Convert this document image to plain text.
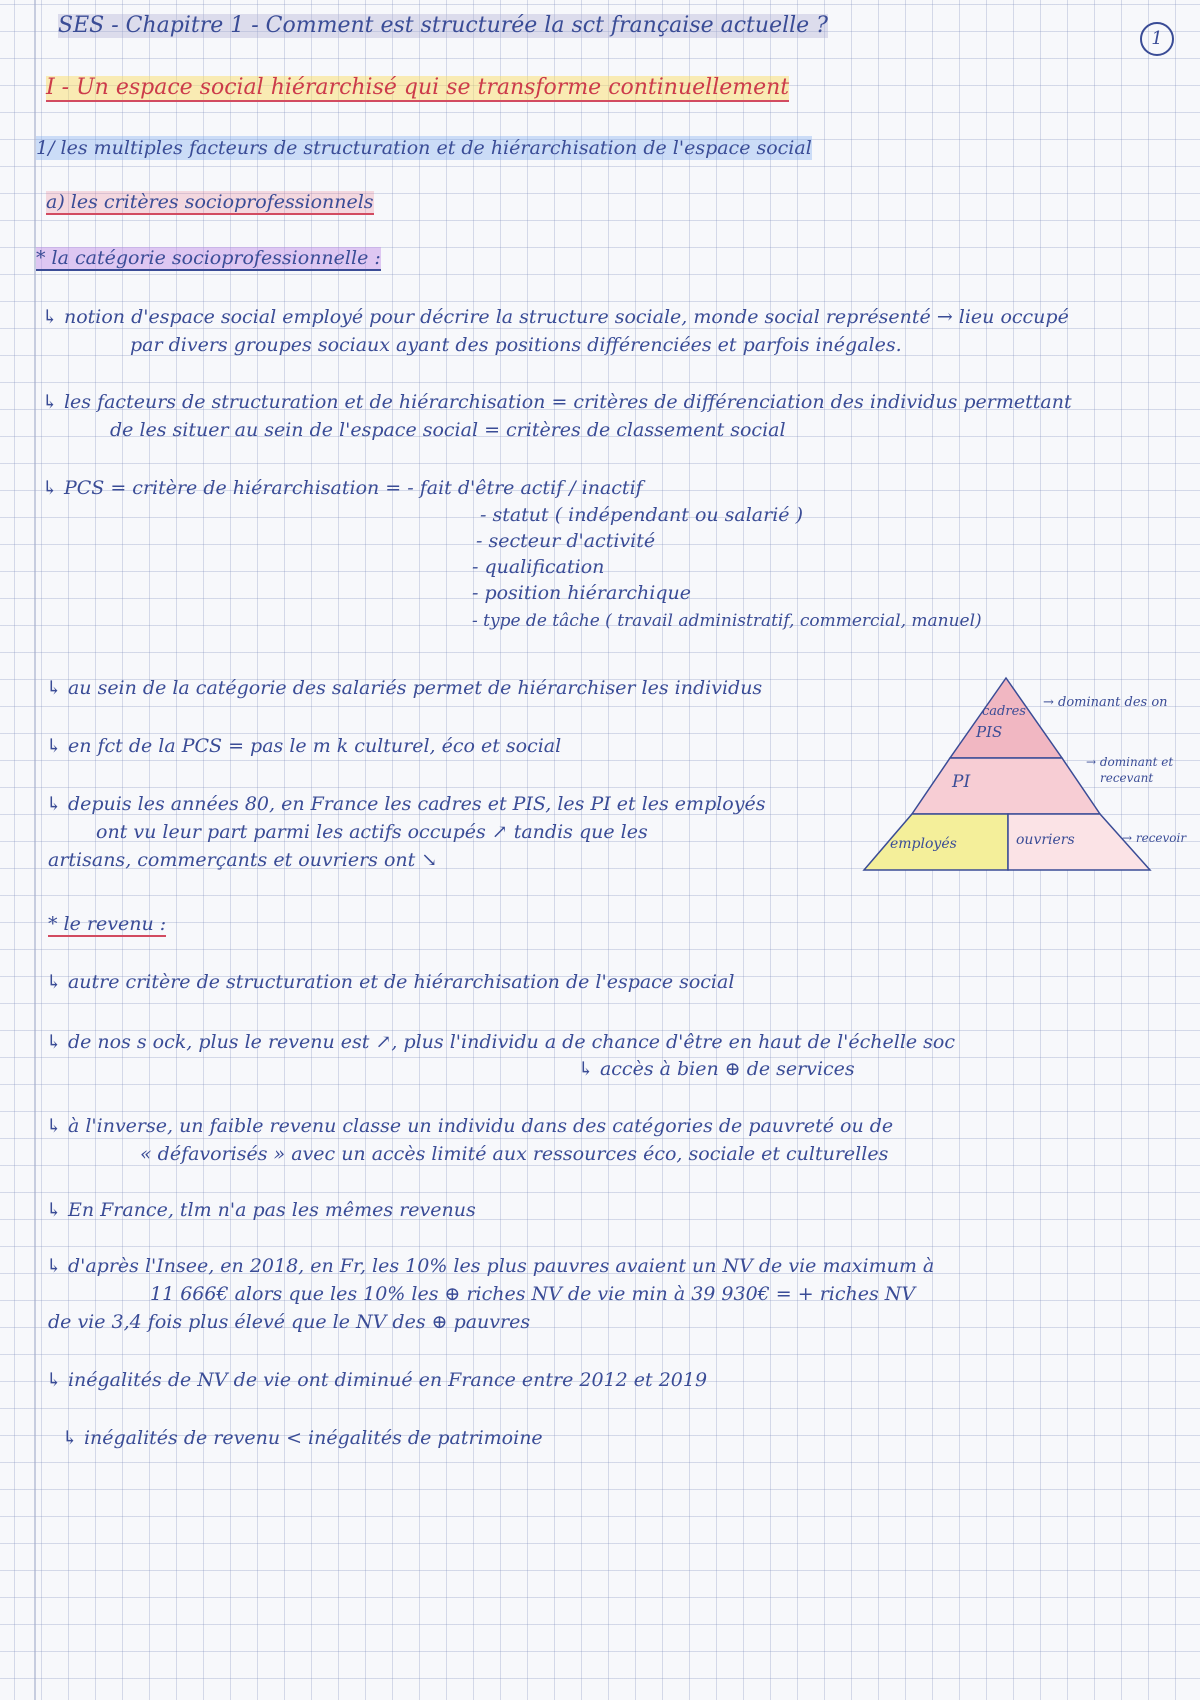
SES - Chapitre 1 - Comment est structurée la sct française actuelle ?
1
I - Un espace social hiérarchisé qui se transforme continuellement
1/ les multiples facteurs de structuration et de hiérarchisation de l'espace social
a) les critères socioprofessionnels
* la catégorie socioprofessionnelle :
↳ notion d'espace social employé pour décrire la structure sociale, monde social représenté → lieu occupé
par divers groupes sociaux ayant des positions différenciées et parfois inégales.
↳ les facteurs de structuration et de hiérarchisation = critères de différenciation des individus permettant
de les situer au sein de l'espace social = critères de classement social
↳ PCS = critère de hiérarchisation = - fait d'être actif / inactif
- statut ( indépendant ou salarié )
- secteur d'activité
- qualification
- position hiérarchique
- type de tâche ( travail administratif, commercial, manuel)
↳ au sein de la catégorie des salariés permet de hiérarchiser les individus
↳ en fct de la PCS = pas le m k culturel, éco et social
↳ depuis les années 80, en France les cadres et PIS, les PI et les employés
ont vu leur part parmi les actifs occupés ↗ tandis que les
artisans, commerçants et ouvriers ont ↘
cadres
PIS
PI
employés	ouvriers
→ dominant des on
→ dominant et
recevant
→ recevoir
* le revenu :
↳ autre critère de structuration et de hiérarchisation de l'espace social
↳ de nos s ock, plus le revenu est ↗, plus l'individu a de chance d'être en haut de l'échelle soc
↳ accès à bien ⊕ de services
↳ à l'inverse, un faible revenu classe un individu dans des catégories de pauvreté ou de
« défavorisés » avec un accès limité aux ressources éco, sociale et culturelles
↳ En France, tlm n'a pas les mêmes revenus
↳ d'après l'Insee, en 2018, en Fr, les 10% les plus pauvres avaient un NV de vie maximum à
11 666€ alors que les 10% les ⊕ riches NV de vie min à 39 930€ = + riches NV
de vie 3,4 fois plus élevé que le NV des ⊕ pauvres
↳ inégalités de NV de vie ont diminué en France entre 2012 et 2019
↳ inégalités de revenu < inégalités de patrimoine
